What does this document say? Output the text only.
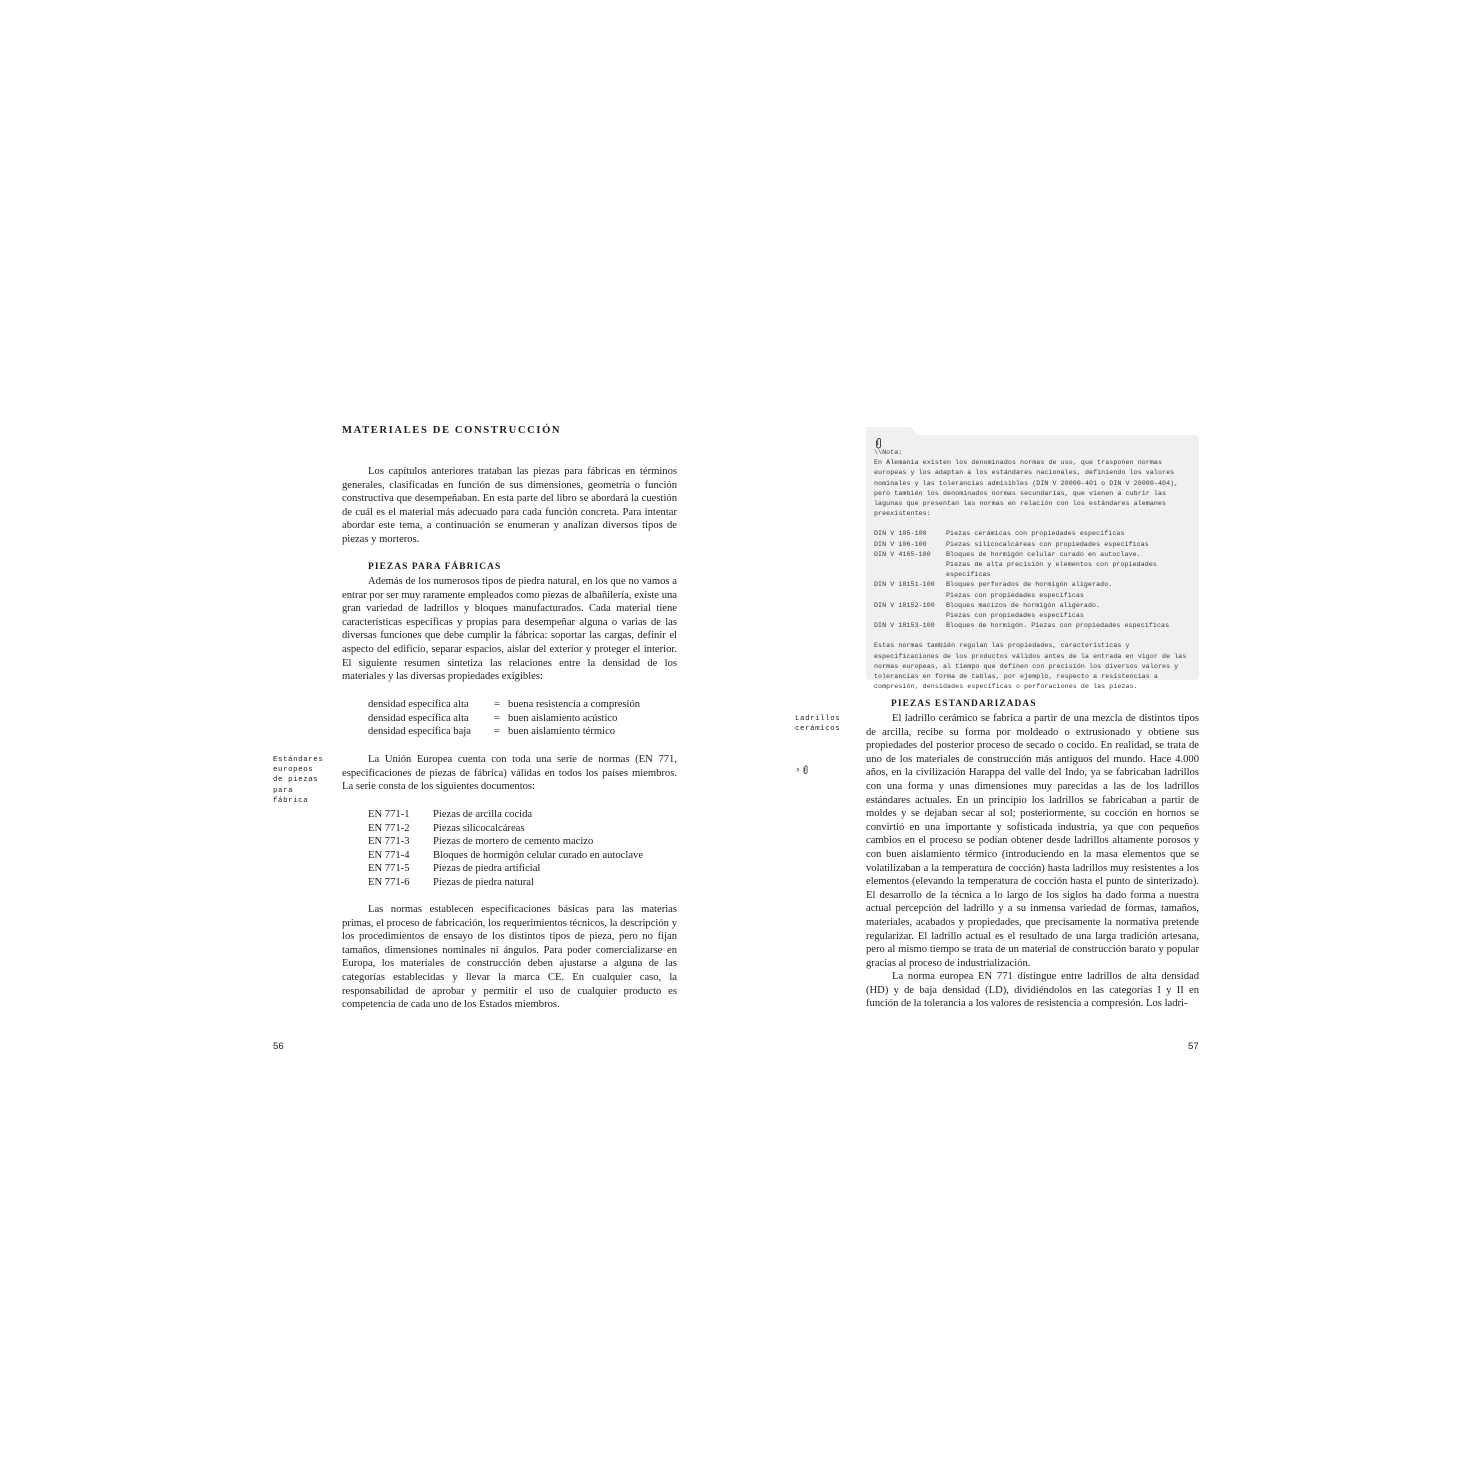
MATERIALES DE CONSTRUCCIÓN

Los capítulos anteriores trataban las piezas para fábricas en términos generales, clasificadas en función de sus dimensiones, geometría o función constructiva que desempeñaban. En esta parte del libro se abordará la cuestión de cuál es el material más adecuado para cada función concreta. Para intentar abordar este tema, a continuación se enumeran y analizan diversos tipos de piezas y morteros.

PIEZAS PARA FÁBRICAS

Además de los numerosos tipos de piedra natural, en los que no vamos a entrar por ser muy raramente empleados como piezas de albañilería, existe una gran variedad de ladrillos y bloques manufacturados. Cada material tiene características específicas y propias para desempeñar alguna o varias de las diversas funciones que debe cumplir la fábrica: soportar las cargas, definir el aspecto del edificio, separar espacios, aislar del exterior y proteger el interior. El siguiente resumen sintetiza las relaciones entre la densidad de los materiales y las diversas propiedades exigibles:

densidad específica alta	= buena resistencia a compresión
densidad específica alta	= buen aislamiento acústico
densidad específica baja	= buen aislamiento térmico
Estándares europeos de piezas para fábrica

La Unión Europea cuenta con toda una serie de normas (EN 771, especificaciones de piezas de fábrica) válidas en todos los países miembros. La serie consta de los siguientes documentos:

EN 771-1	Piezas de arcilla cocida
EN 771-2	Piezas silicocalcáreas
EN 771-3	Piezas de mortero de cemento macizo
EN 771-4	Bloques de hormigón celular curado en autoclave
EN 771-5	Piezas de piedra artificial
EN 771-6	Piezas de piedra natural

Las normas establecen especificaciones básicas para las materias primas, el proceso de fabricación, los requerimientos técnicos, la descripción y los procedimientos de ensayo de los distintos tipos de pieza, pero no fijan tamaños, dimensiones nominales ni ángulos. Para poder comercializarse en Europa, los materiales de construcción deben ajustarse a alguna de las categorías establecidas y llevar la marca CE. En cualquier caso, la responsabilidad de aprobar y permitir el uso de cualquier producto es competencia de cada uno de los Estados miembros.

56
\\Nota:
En Alemania existen los denominados normas de uso, que trasponen normas europeas y los adaptan a los estándares nacionales, definiendo los valores nominales y las tolerancias admisibles (DIN V 20000-401 o DIN V 20000-404), pero también los denominados normas secundarias, que vienen a cubrir las lagunas que presentan las normas en relación con los estándares alemanes preexistentes:
DIN V 105-100	Piezas cerámicas con propiedades específicas
DIN V 106-100	Piezas silicocalcáreas con propiedades específicas
DIN V 4165-100	Bloques de hormigón celular curado en autoclave.
Piezas de alta precisión y elementos con propiedades específicas
DIN V 18151-100	Bloques perforados de hormigón aligerado.
Piezas con propiedades específicas
DIN V 18152-100	Bloques macizos de hormigón aligerado.
Piezas con propiedades específicas
DIN V 18153-100	Bloques de hormigón. Piezas con propiedades específicas
Estas normas también regulan las propiedades, características y especificaciones de los productos válidos antes de la entrada en vigor de las normas europeas, al tiempo que definen con precisión los diversos valores y tolerancias en forma de tablas, por ejemplo, respecto a resistencias a compresión, densidades específicas o perforaciones de las piezas.
PIEZAS ESTANDARIZADAS
Ladrillos cerámicos
›

El ladrillo cerámico se fabrica a partir de una mezcla de distintos tipos de arcilla, recibe su forma por moldeado o extrusionado y obtiene sus propiedades del posterior proceso de secado o cocido. En realidad, se trata de uno de los materiales de construcción más antiguos del mundo. Hace 4.000 años, en la civilización Harappa del valle del Indo, ya se fabricaban ladrillos con una forma y unas dimensiones muy parecidas a las de los ladrillos estándares actuales. En un principio los ladrillos se fabricaban a partir de moldes y se dejaban secar al sol; posteriormente, su cocción en hornos se convirtió en una importante y sofisticada industria, ya que con pequeños cambios en el proceso se podían obtener desde ladrillos altamente porosos y con buen aislamiento térmico (introduciendo en la masa elementos que se volatilizaban a la temperatura de cocción) hasta ladrillos muy resistentes a los elementos (elevando la temperatura de cocción hasta el punto de sinterizado). El desarrollo de la técnica a lo largo de los siglos ha dado forma a nuestra actual percepción del ladrillo y a su inmensa variedad de formas, tamaños, materiales, acabados y propiedades, que precisamente la normativa pretende regularizar. El ladrillo actual es el resultado de una larga tradición artesana, pero al mismo tiempo se trata de un material de construcción barato y popular gracias al proceso de industrialización.

La norma europea EN 771 distingue entre ladrillos de alta densidad (HD) y de baja densidad (LD), dividiéndolos en las categorías I y II en función de la tolerancia a los valores de resistencia a compresión. Los ladri-

57
